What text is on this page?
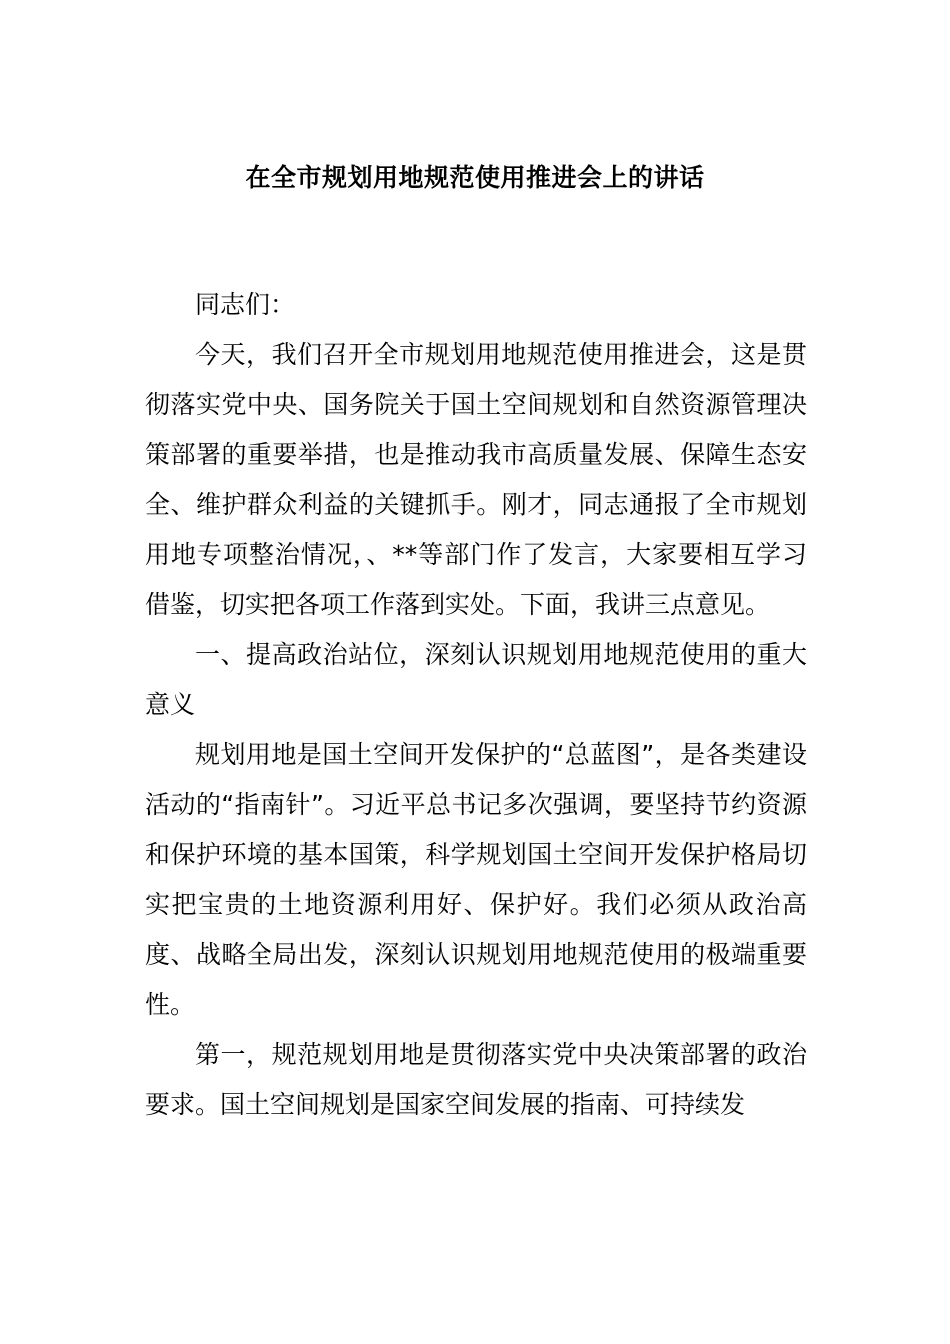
在全市规划用地规范使用推进会上的讲话

同志们：

今天，我们召开全市规划用地规范使用推进会，这是贯彻落实党中央、国务院关于国土空间规划和自然资源管理决策部署的重要举措，也是推动我市高质量发展、保障生态安全、维护群众利益的关键抓手。刚才，同志通报了全市规划用地专项整治情况，、**等部门作了发言，大家要相互学习借鉴，切实把各项工作落到实处。下面，我讲三点意见。

一、提高政治站位，深刻认识规划用地规范使用的重大意义

规划用地是国土空间开发保护的“总蓝图”，是各类建设活动的“指南针”。习近平总书记多次强调，要坚持节约资源和保护环境的基本国策，科学规划国土空间开发保护格局切实把宝贵的土地资源利用好、保护好。我们必须从政治高度、战略全局出发，深刻认识规划用地规范使用的极端重要性。

第一，规范规划用地是贯彻落实党中央决策部署的政治要求。国土空间规划是国家空间发展的指南、可持续发
